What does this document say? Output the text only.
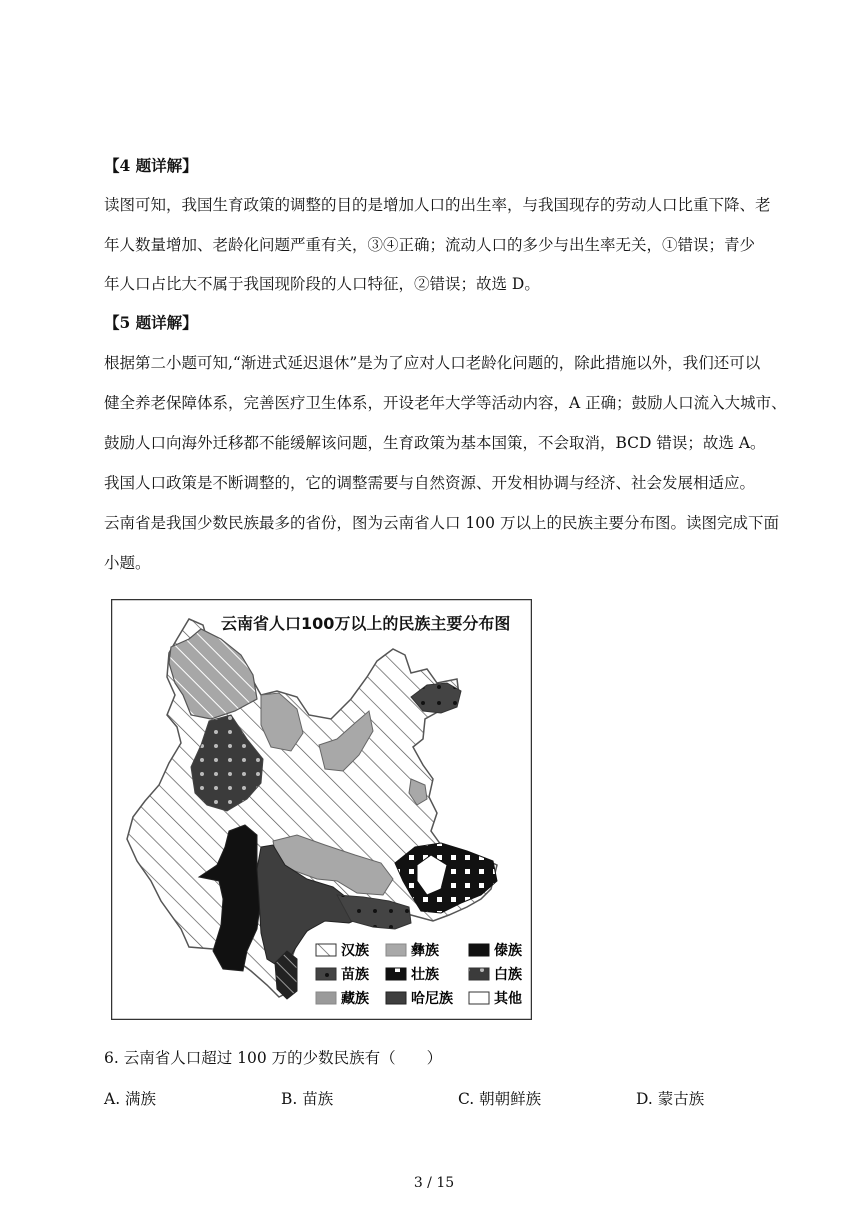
【4 题详解】
读图可知，我国生育政策的调整的目的是增加人口的出生率，与我国现存的劳动人口比重下降、老
年人数量增加、老龄化问题严重有关，③④正确；流动人口的多少与出生率无关，①错误；青少
年人口占比大不属于我国现阶段的人口特征，②错误；故选 D。
【5 题详解】
根据第二小题可知,“渐进式延迟退休”是为了应对人口老龄化问题的，除此措施以外，我们还可以
健全养老保障体系，完善医疗卫生体系，开设老年大学等活动内容，A 正确；鼓励人口流入大城市、
鼓励人口向海外迁移都不能缓解该问题，生育政策为基本国策，不会取消，BCD 错误；故选 A。
我国人口政策是不断调整的，它的调整需要与自然资源、开发相协调与经济、社会发展相适应。
云南省是我国少数民族最多的省份，图为云南省人口 100 万以上的民族主要分布图。读图完成下面
小题。
云南省人口100万以上的民族主要分布图
汉族	彝族	傣族
苗族	壮族	白族
藏族	哈尼族	其他
6. 云南省人口超过 100 万的少数民族有（　　）
A. 满族	B. 苗族	C. 朝朝鲜族	D. 蒙古族
3 / 15
